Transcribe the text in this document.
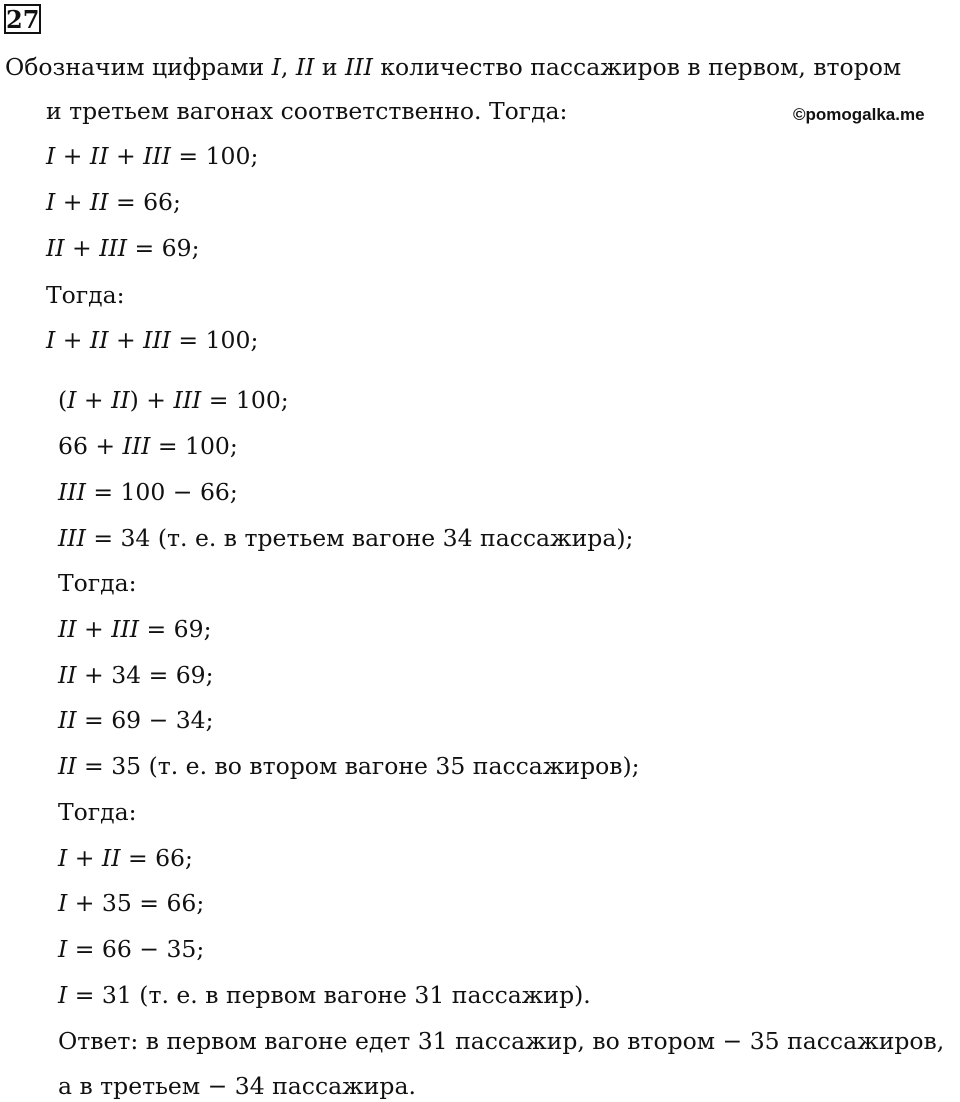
27
©pomogalka.me
Обозначим цифрами 𝐼, 𝐼𝐼 и 𝐼𝐼𝐼 количество пассажиров в первом, втором
и третьем вагонах соответственно. Тогда:
𝐼 + 𝐼𝐼 + 𝐼𝐼𝐼 = 100;
𝐼 + 𝐼𝐼 = 66;
𝐼𝐼 + 𝐼𝐼𝐼 = 69;
Тогда:
𝐼 + 𝐼𝐼 + 𝐼𝐼𝐼 = 100;
(𝐼 + 𝐼𝐼) + 𝐼𝐼𝐼 = 100;
66 + 𝐼𝐼𝐼 = 100;
𝐼𝐼𝐼 = 100 − 66;
𝐼𝐼𝐼 = 34 (т. е. в третьем вагоне 34 пассажира);
Тогда:
𝐼𝐼 + 𝐼𝐼𝐼 = 69;
𝐼𝐼 + 34 = 69;
𝐼𝐼 = 69 − 34;
𝐼𝐼 = 35 (т. е. во втором вагоне 35 пассажиров);
Тогда:
𝐼 + 𝐼𝐼 = 66;
𝐼 + 35 = 66;
𝐼 = 66 − 35;
𝐼 = 31 (т. е. в первом вагоне 31 пассажир).
Ответ: в первом вагоне едет 31 пассажир, во втором − 35 пассажиров,
а в третьем − 34 пассажира.
